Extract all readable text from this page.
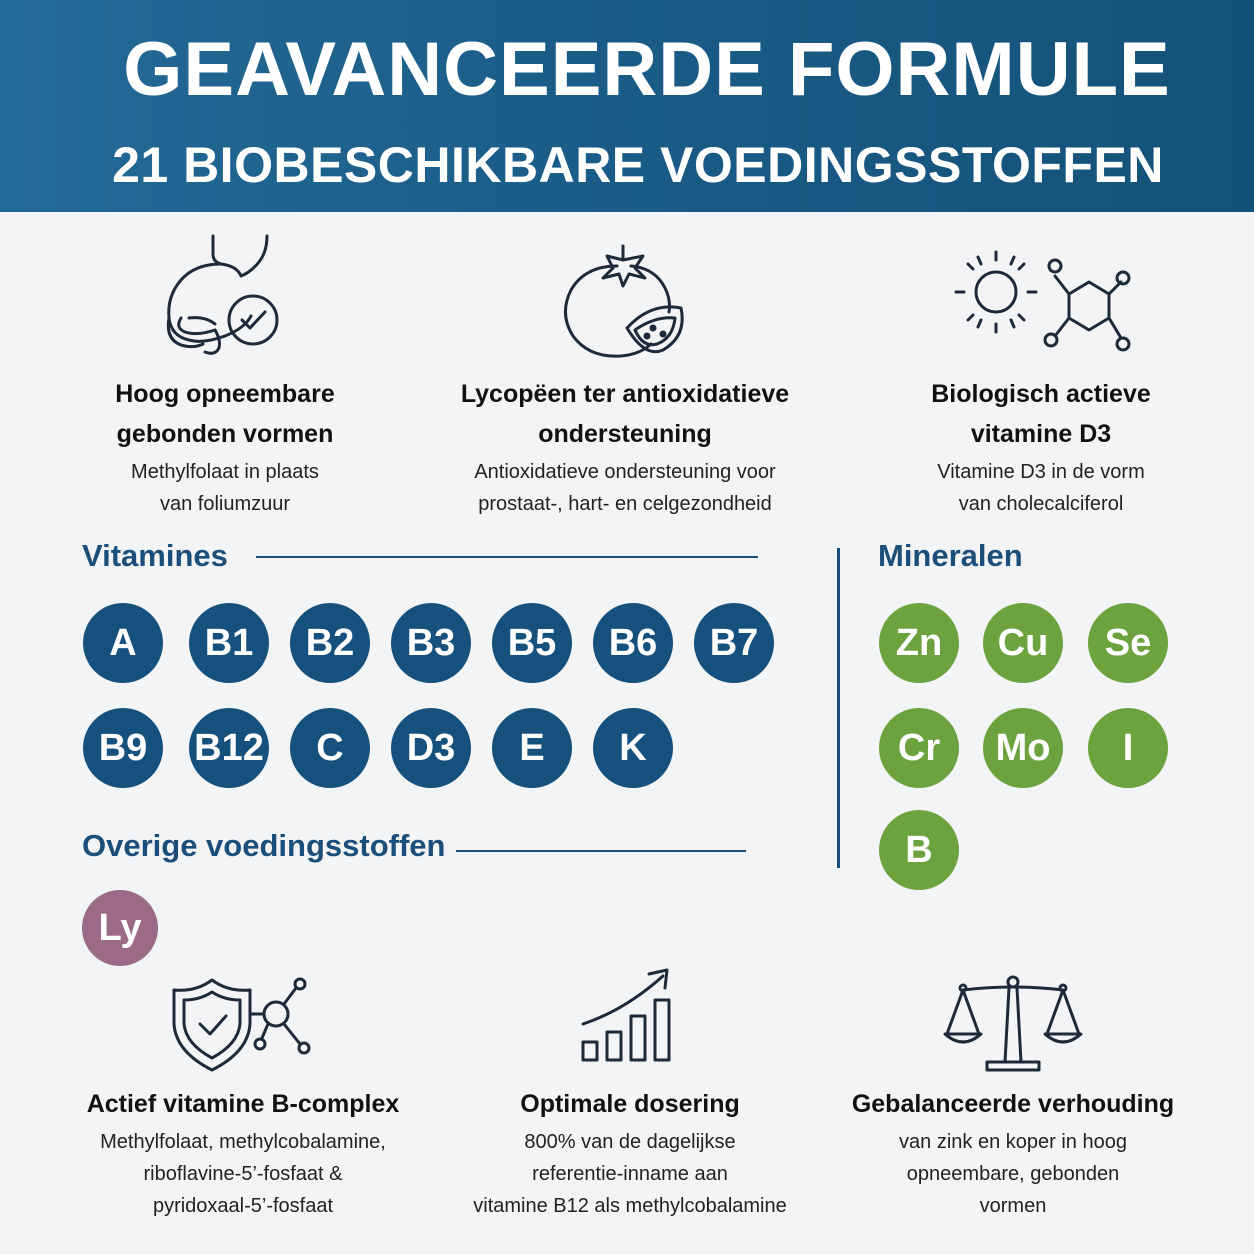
GEAVANCEERDE FORMULE
21 BIOBESCHIKBARE VOEDINGSSTOFFEN
Hoog opneembare
gebonden vormen
Methylfolaat in plaats
van foliumzuur
Lycopëen ter antioxidatieve
ondersteuning
Antioxidatieve ondersteuning voor
prostaat-, hart- en celgezondheid
Biologisch actieve
vitamine D3
Vitamine D3 in de vorm
van cholecalciferol
Vitamines
A	B1	B2	B3	B5	B6	B7
B9	B12	C	D3	E	K
Mineralen
Zn	Cu	Se
Cr	Mo	I
B
Overige voedingsstoffen
Ly
Actief vitamine B-complex
Methylfolaat, methylcobalamine,
riboflavine-5’-fosfaat &
pyridoxaal-5’-fosfaat
Optimale dosering
800% van de dagelijkse
referentie-inname aan
vitamine B12 als methylcobalamine
Gebalanceerde verhouding
van zink en koper in hoog
opneembare, gebonden
vormen
